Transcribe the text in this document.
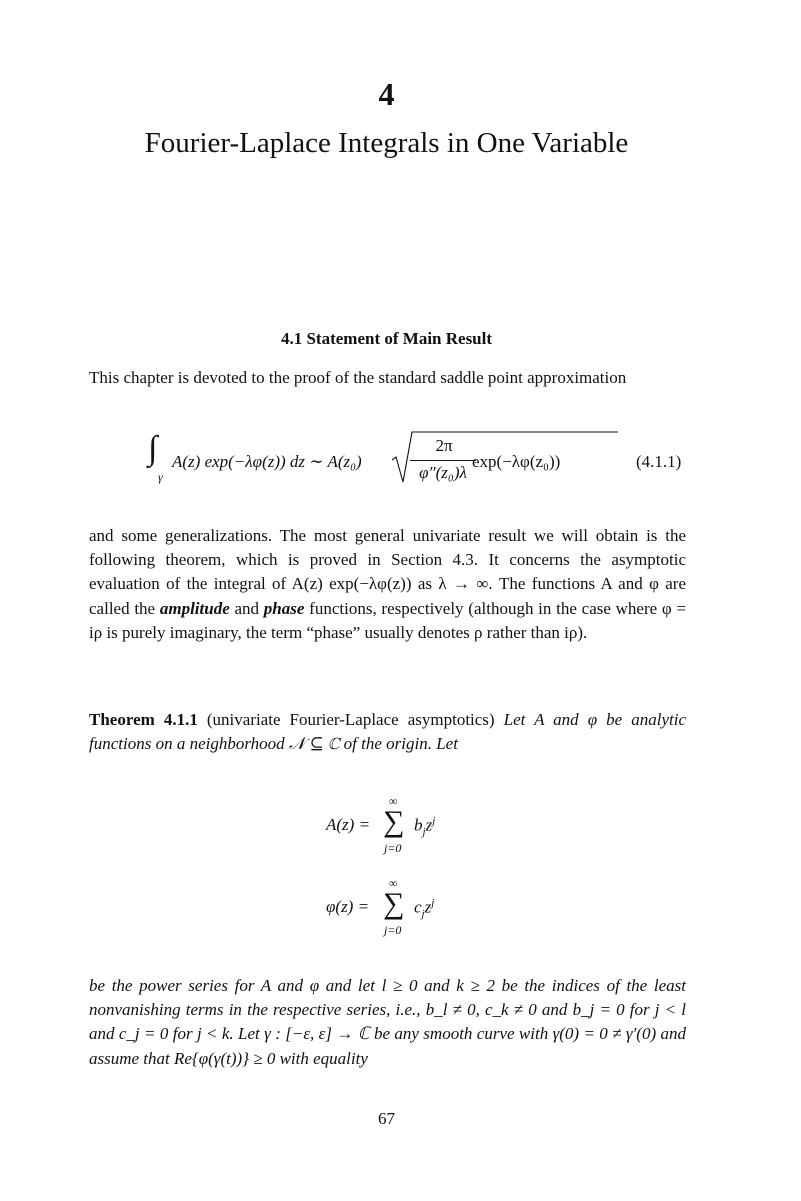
4
Fourier-Laplace Integrals in One Variable
4.1 Statement of Main Result
This chapter is devoted to the proof of the standard saddle point approximation
∫
γ
A(z) exp(−λφ(z)) dz ∼ A(z₀)
2π
φ″(z₀)λ
exp(−λφ(z₀))	(4.1.1)
and some generalizations. The most general univariate result we will obtain is the following theorem, which is proved in Section 4.3. It concerns the asymptotic evaluation of the integral of A(z) exp(−λφ(z)) as λ → ∞. The functions A and φ are called the amplitude and phase functions, respectively (although in the case where φ = iρ is purely imaginary, the term “phase” usually denotes ρ rather than iρ).
Theorem 4.1.1 (univariate Fourier-Laplace asymptotics) Let A and φ be analytic functions on a neighborhood 𝒩 ⊆ ℂ of the origin. Let
A(z) =
∞
∑
j=0
$b_jz^j$
φ(z) =
∞
∑
j=0
$c_jz^j$
be the power series for A and φ and let l ≥ 0 and k ≥ 2 be the indices of the least nonvanishing terms in the respective series, i.e., b_l ≠ 0, c_k ≠ 0 and b_j = 0 for j < l and c_j = 0 for j < k. Let γ : [−ε, ε] → ℂ be any smooth curve with γ(0) = 0 ≠ γ′(0) and assume that Re{φ(γ(t))} ≥ 0 with equality
67
